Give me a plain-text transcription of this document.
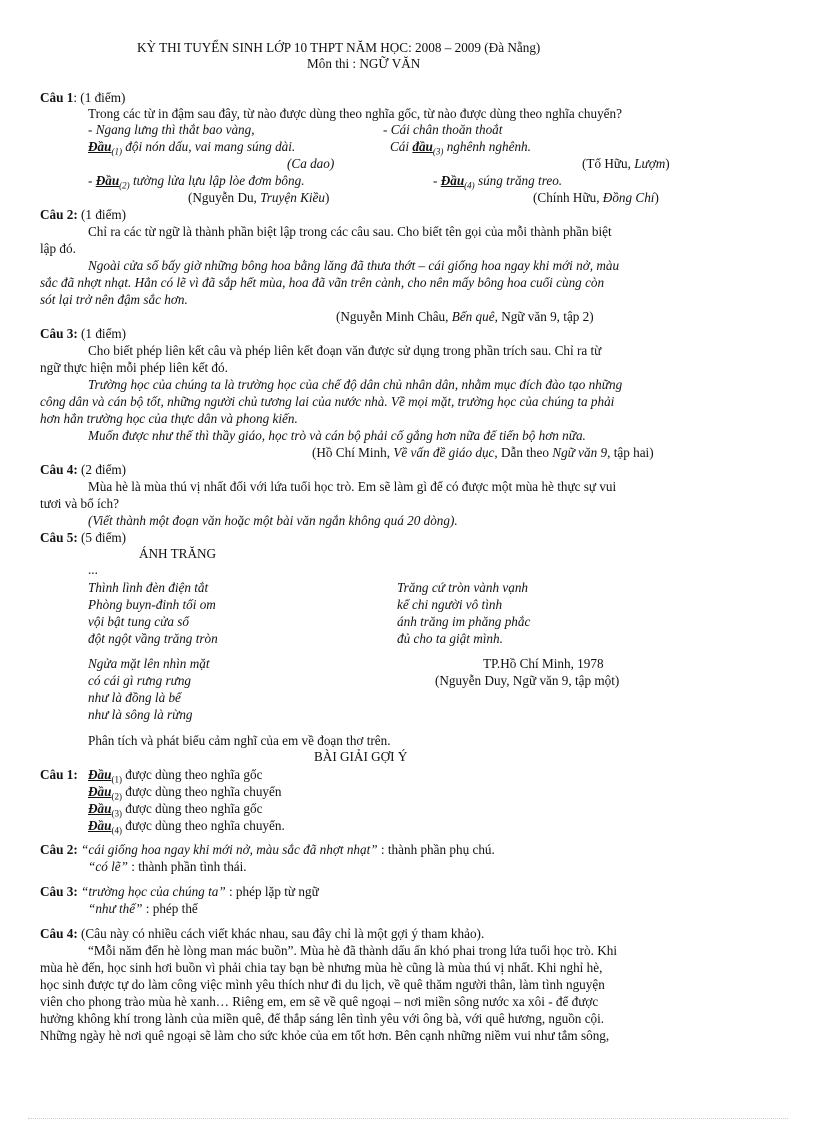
KỲ THI TUYỂN SINH LỚP 10 THPT NĂM HỌC: 2008 – 2009 (Đà Nẵng)
Môn thi : NGỮ VĂN
Câu 1: (1 điểm)
Trong các từ in đậm sau đây, từ nào được dùng theo nghĩa gốc, từ nào được dùng theo nghĩa chuyển?
- Ngang lưng thì thắt bao vàng,	- Cái chân thoăn thoắt
Đầu$_{(1)}$ đội nón dấu, vai mang súng dài.	Cái đầu$_{(3)}$ nghênh nghênh.
(Ca dao)	(Tố Hữu, Lượm)
- Đầu$_{(2)}$ tường lửa lựu lập lòe đơm bông.	- Đầu$_{(4)}$ súng trăng treo.
(Nguyễn Du, Truyện Kiều)	(Chính Hữu, Đồng Chí)
Câu 2: (1 điểm)
Chỉ ra các từ ngữ là thành phần biệt lập trong các câu sau. Cho biết tên gọi của mỗi thành phần biệt
lập đó.
Ngoài cửa sổ bấy giờ những bông hoa bằng lăng đã thưa thớt – cái giống hoa ngay khi mới nở, màu
sắc đã nhợt nhạt. Hẳn có lẽ vì đã sắp hết mùa, hoa đã vãn trên cành, cho nên mấy bông hoa cuối cùng còn
sót lại trở nên đậm sắc hơn.
(Nguyễn Minh Châu, Bến quê, Ngữ văn 9, tập 2)
Câu 3: (1 điểm)
Cho biết phép liên kết câu và phép liên kết đoạn văn được sử dụng trong phần trích sau. Chỉ ra từ
ngữ thực hiện mỗi phép liên kết đó.
Trường học của chúng ta là trường học của chế độ dân chủ nhân dân, nhằm mục đích đào tạo những
công dân và cán bộ tốt, những người chủ tương lai của nước nhà. Về mọi mặt, trường học của chúng ta phải
hơn hẳn trường học của thực dân và phong kiến.
Muốn được như thế thì thầy giáo, học trò và cán bộ phải cố gắng hơn nữa để tiến bộ hơn nữa.
(Hồ Chí Minh, Về vấn đề giáo dục, Dẫn theo Ngữ văn 9, tập hai)
Câu 4: (2 điểm)
Mùa hè là mùa thú vị nhất đối với lứa tuổi học trò. Em sẽ làm gì để có được một mùa hè thực sự vui
tươi và bổ ích?
(Viết thành một đoạn văn hoặc một bài văn ngắn không quá 20 dòng).
Câu 5: (5 điểm)
ÁNH TRĂNG
...
Thình lình đèn điện tắt
Phòng buyn-đinh tối om
vội bật tung cửa sổ
đột ngột vầng trăng tròn
Trăng cứ tròn vành vạnh
kể chi người vô tình
ánh trăng im phăng phắc
đủ cho ta giật mình.
Ngửa mặt lên nhìn mặt
có cái gì rưng rưng
như là đồng là bể
như là sông là rừng
TP.Hồ Chí Minh, 1978
(Nguyễn Duy, Ngữ văn 9, tập một)
Phân tích và phát biểu cảm nghĩ của em về đoạn thơ trên.
BÀI GIẢI GỢI Ý
Câu 1: Đầu$_{(1)}$ được dùng theo nghĩa gốc
Đầu$_{(2)}$ được dùng theo nghĩa chuyển
Đầu$_{(3)}$ được dùng theo nghĩa gốc
Đầu$_{(4)}$ được dùng theo nghĩa chuyển.
Câu 2: “cái giống hoa ngay khi mới nở, màu sắc đã nhợt nhạt” : thành phần phụ chú.
“có lẽ” : thành phần tình thái.
Câu 3: “trường học của chúng ta” : phép lặp từ ngữ
“như thế” : phép thế
Câu 4: (Câu này có nhiều cách viết khác nhau, sau đây chỉ là một gợi ý tham khảo).
“Mỗi năm đến hè lòng man mác buồn”. Mùa hè đã thành dấu ấn khó phai trong lứa tuổi học trò. Khi
mùa hè đến, học sinh hơi buồn vì phải chia tay bạn bè nhưng mùa hè cũng là mùa thú vị nhất. Khi nghỉ hè,
học sinh được tự do làm công việc mình yêu thích như đi du lịch, về quê thăm người thân, làm tình nguyện
viên cho phong trào mùa hè xanh… Riêng em, em sẽ về quê ngoại – nơi miền sông nước xa xôi - để được
hưởng không khí trong lành của miền quê, để thắp sáng lên tình yêu với ông bà, với quê hương, nguồn cội.
Những ngày hè nơi quê ngoại sẽ làm cho sức khỏe của em tốt hơn. Bên cạnh những niềm vui như tắm sông,
